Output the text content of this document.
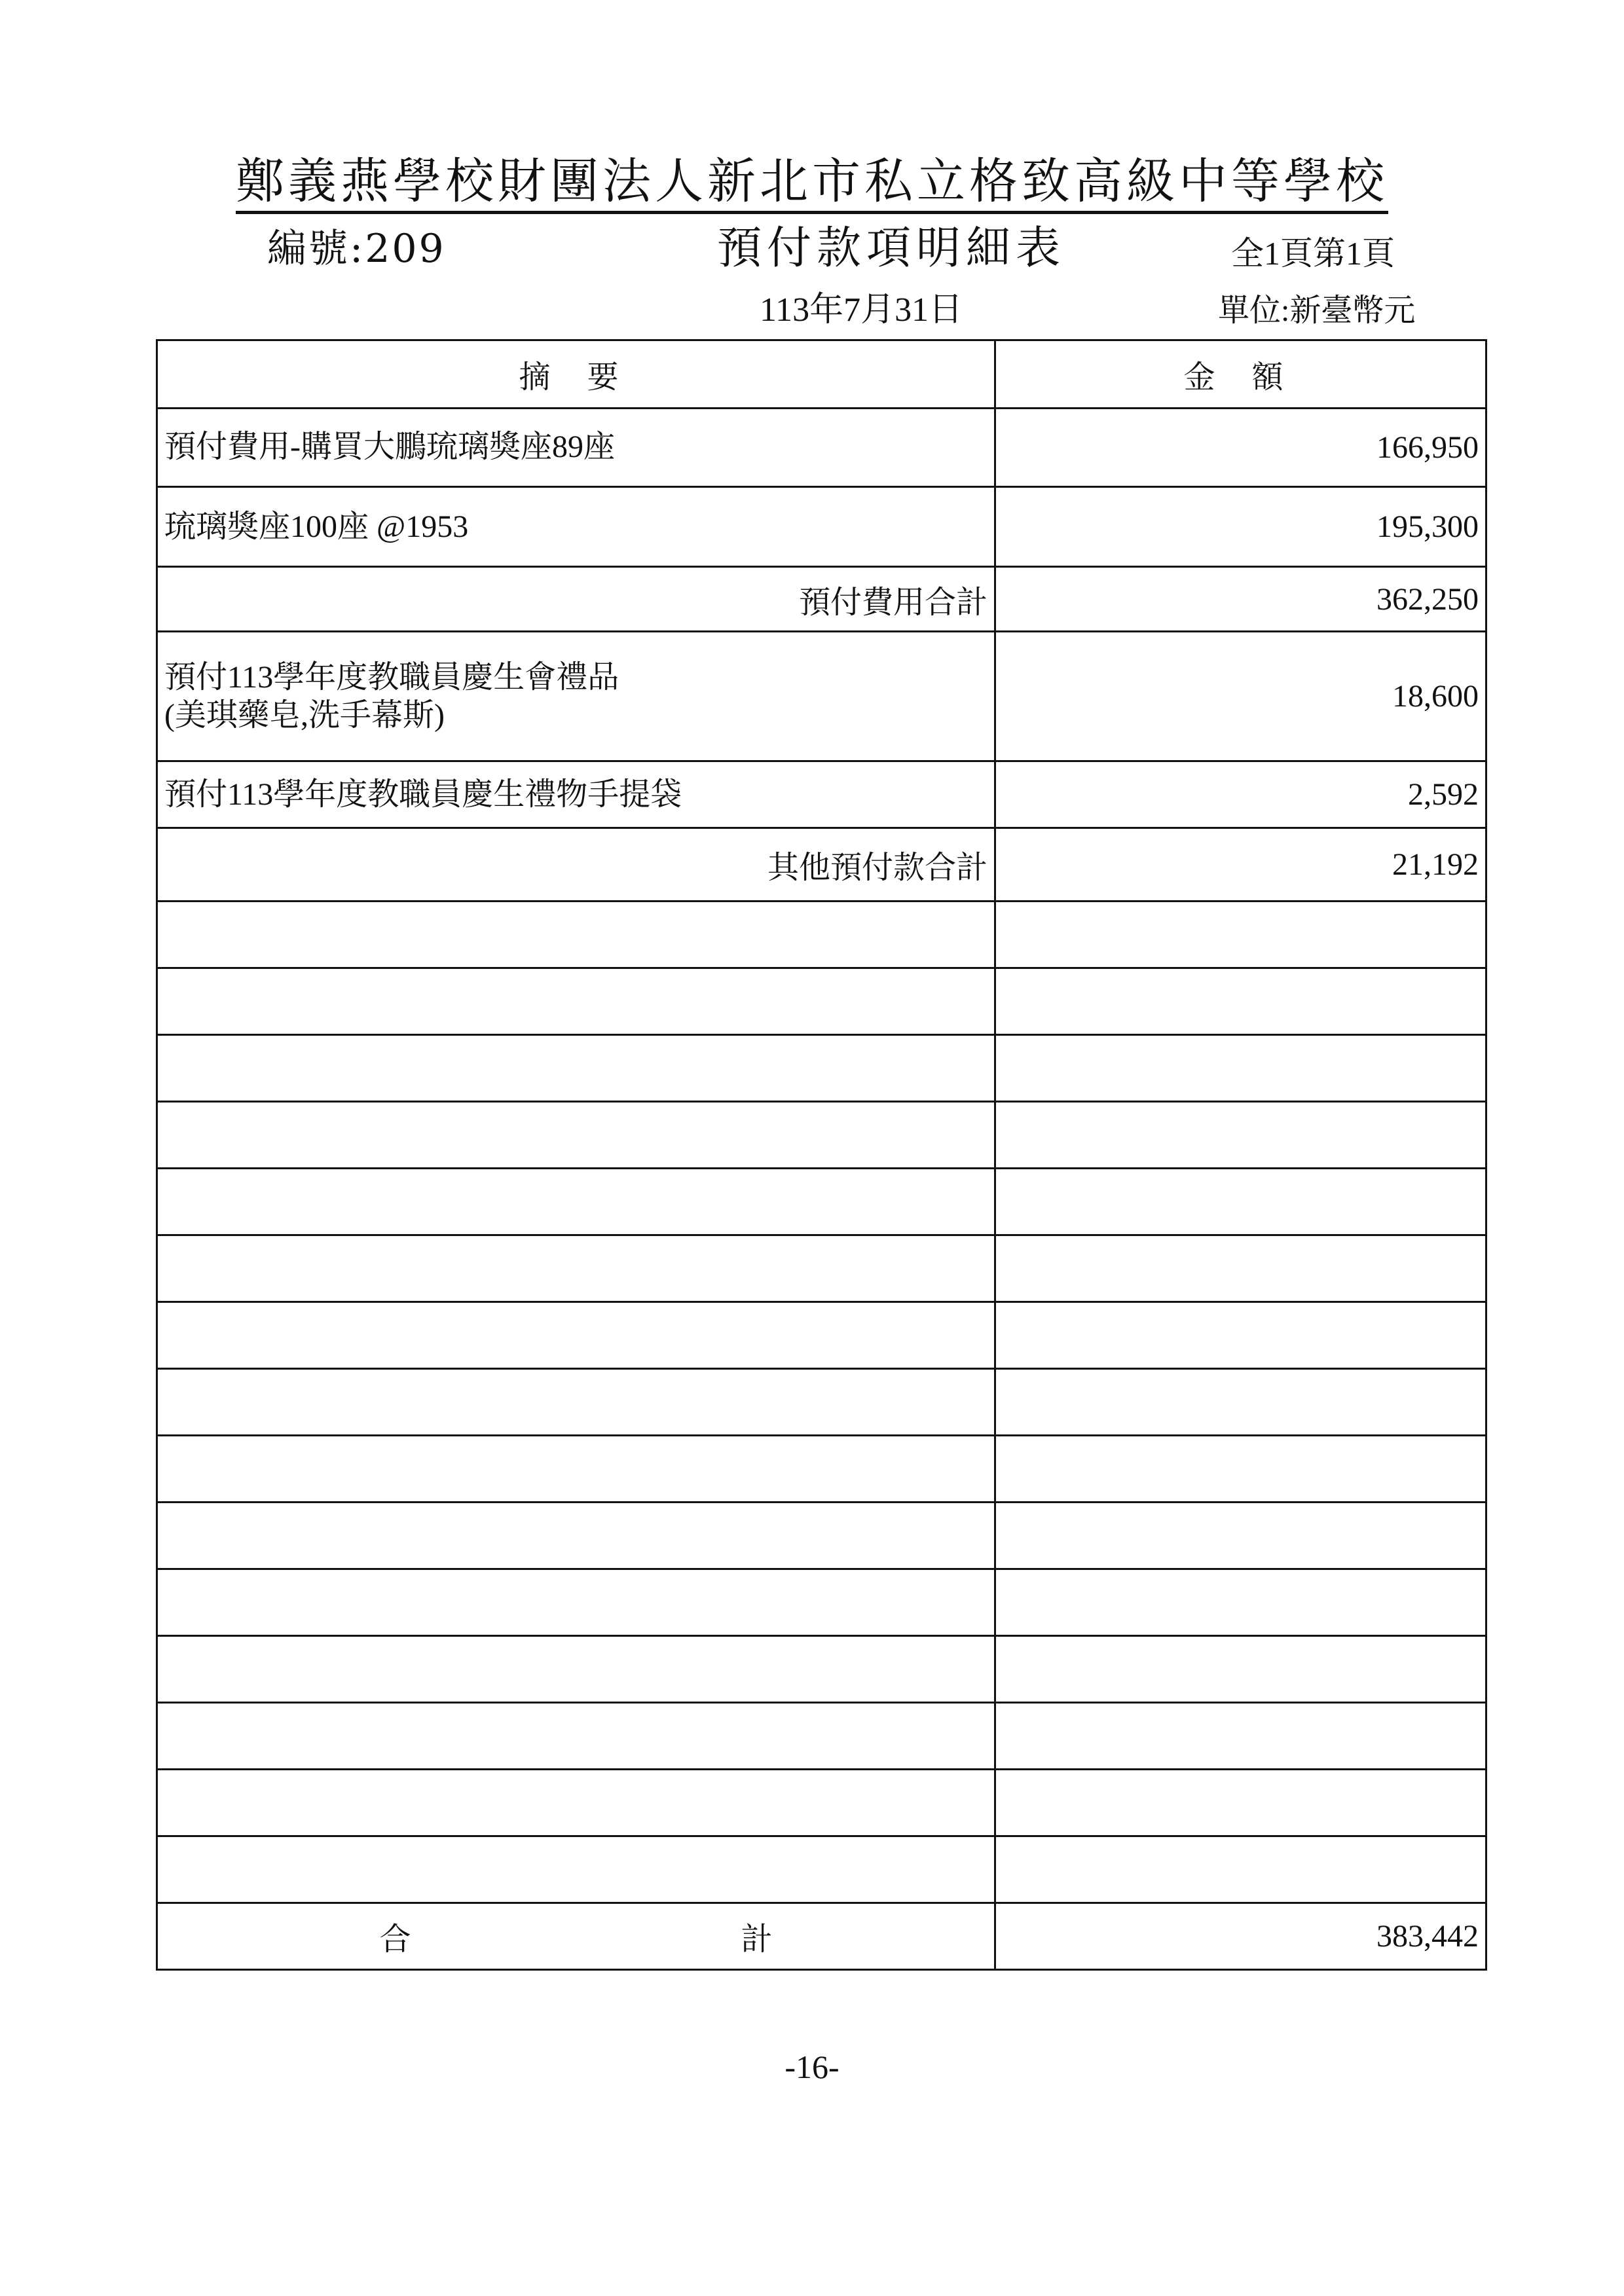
鄭義燕學校財團法人新北市私立格致高級中等學校
編號:209	預付款項明細表	全1頁第1頁
113年7月31日	單位:新臺幣元
摘 要	金 額
預付費用-購買大鵬琉璃獎座89座	166,950
琉璃獎座100座 @1953	195,300
預付費用合計	362,250

預付113學年度教職員慶生會禮品
(美琪藥皂,洗手幕斯)	18,600
預付113學年度教職員慶生禮物手提袋	2,592
其他預付款合計	21,192

合 計	383,442
-16-
